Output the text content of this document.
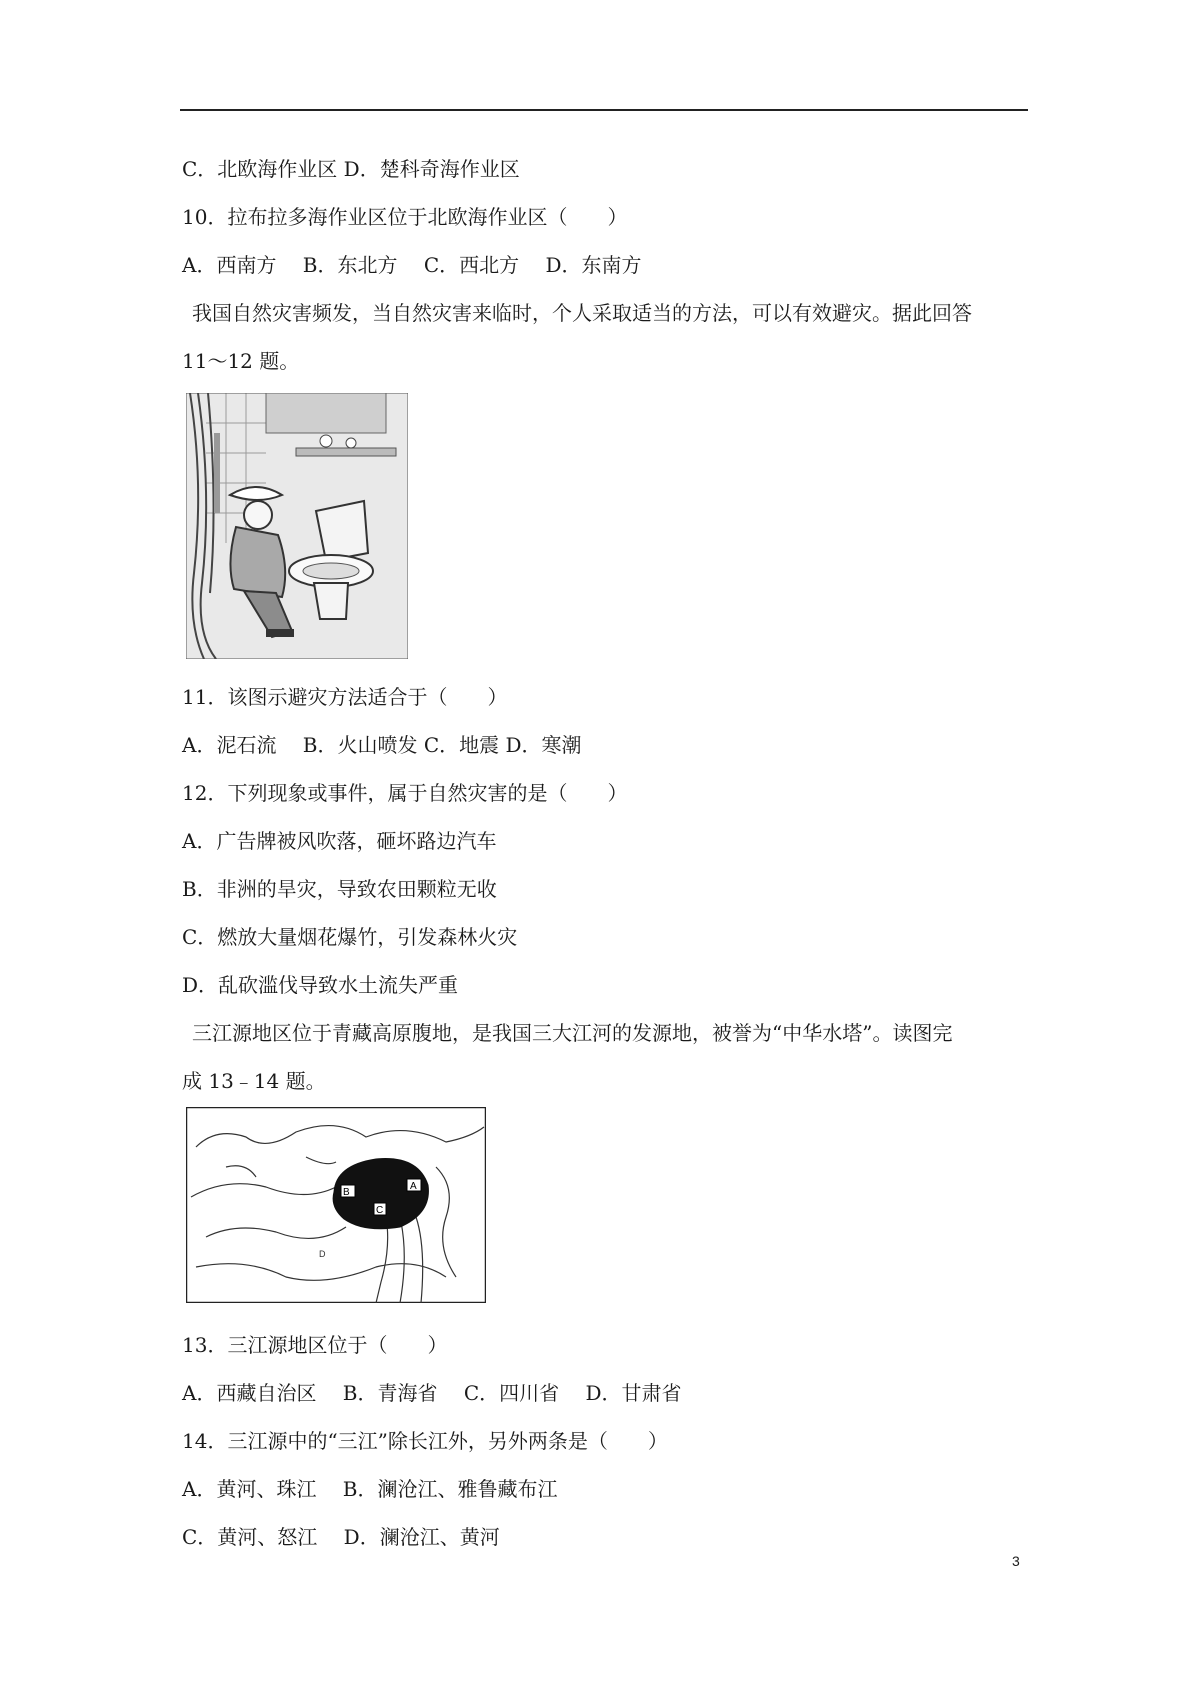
C．北欧海作业区 D．楚科奇海作业区
10．拉布拉多海作业区位于北欧海作业区（　　）
A．西南方　 B．东北方　 C．西北方　 D．东南方
我国自然灾害频发，当自然灾害来临时，个人采取适当的方法，可以有效避灾。据此回答
11～12 题。
11．该图示避灾方法适合于（　　）
A．泥石流　 B．火山喷发 C．地震 D．寒潮
12．下列现象或事件，属于自然灾害的是（　　）
A．广告牌被风吹落，砸坏路边汽车
B．非洲的旱灾，导致农田颗粒无收
C．燃放大量烟花爆竹，引发森林火灾
D．乱砍滥伐导致水土流失严重
三江源地区位于青藏高原腹地，是我国三大江河的发源地，被誉为“中华水塔”。读图完
成 13﹣14 题。
B
A
C
D
13．三江源地区位于（　　）
A．西藏自治区　 B．青海省　 C．四川省　 D．甘肃省
14．三江源中的“三江”除长江外，另外两条是（　　）
A．黄河、珠江　 B．澜沧江、雅鲁藏布江
C．黄河、怒江　 D．澜沧江、黄河
3
